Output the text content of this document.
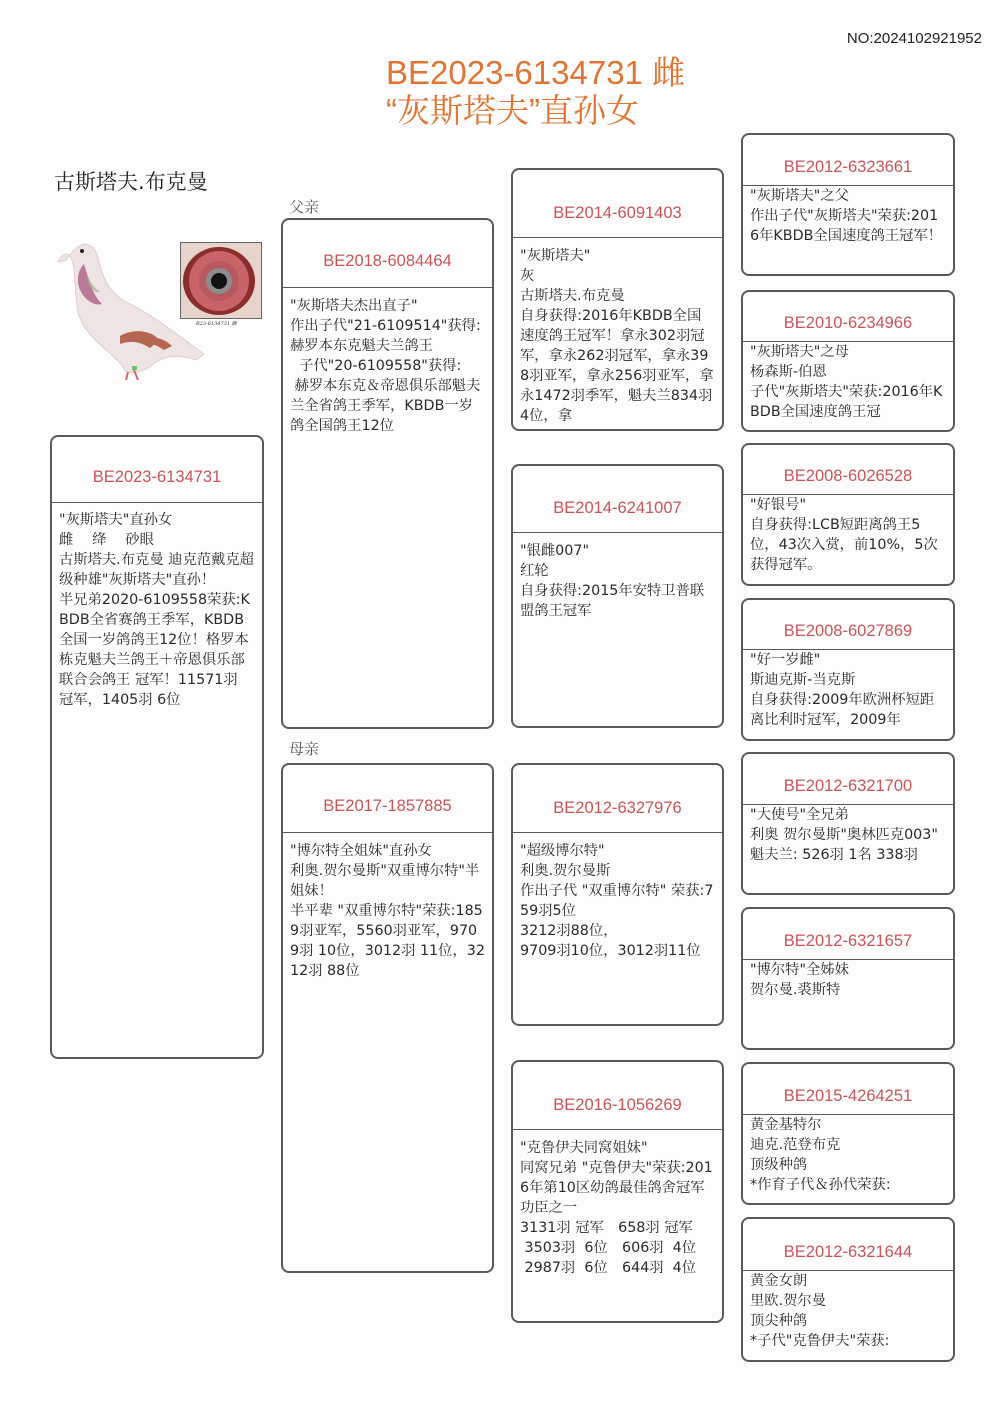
NO:2024102921952
BE2023-6134731 雌
“灰斯塔夫”直孙女
古斯塔夫.布克曼
B23-6134731 雌
父亲
母亲
BE2023-6134731
"灰斯塔夫"直孙女
雌　 绛　 砂眼
古斯塔夫.布克曼 迪克范戴克超级种雄"灰斯塔夫"直孙！
半兄弟2020-6109558荣获:KBDB全省赛鸽王季军，KBDB全国一岁鸽鸽王12位！格罗本栋克魁夫兰鸽王＋帝恩俱乐部联合会鸽王 冠军！11571羽 冠军，1405羽 6位
BE2018-6084464
"灰斯塔夫杰出直子"
作出子代"21-6109514"获得: 赫罗本东克魁夫兰鸽王
子代"20-6109558"获得:
赫罗本东克＆帝恩俱乐部魁夫兰全省鸽王季军，KBDB一岁鸽全国鸽王12位
BE2017-1857885
"博尔特全姐妹"直孙女
利奥.贺尔曼斯"双重博尔特"半姐妹！
半平辈 "双重博尔特"荣获:1859羽亚军，5560羽亚军，9709羽 10位，3012羽 11位，3212羽 88位
BE2014-6091403
"灰斯塔夫"
灰
古斯塔夫.布克曼
自身获得:2016年KBDB全国速度鸽王冠军！拿永302羽冠军，拿永262羽冠军，拿永398羽亚军，拿永256羽亚军，拿永1472羽季军，魁夫兰834羽4位，拿
BE2014-6241007
"银雌007"
红轮
自身获得:2015年安特卫普联盟鸽王冠军
BE2012-6327976
"超级博尔特"
利奥.贺尔曼斯
作出子代 "双重博尔特" 荣获:759羽5位
3212羽88位，
9709羽10位，3012羽11位
BE2016-1056269
"克鲁伊夫同窝姐妹"
同窝兄弟 "克鲁伊夫"荣获:2016年第10区幼鸽最佳鸽舍冠军功臣之一
3131羽 冠军　658羽 冠军
3503羽  6位　606羽  4位
2987羽  6位　644羽  4位
BE2012-6323661
"灰斯塔夫"之父
作出子代"灰斯塔夫"荣获:2016年KBDB全国速度鸽王冠军！
BE2010-6234966
"灰斯塔夫"之母
杨森斯-伯恩
子代"灰斯塔夫"荣获:2016年KBDB全国速度鸽王冠
BE2008-6026528
"好银号"
自身获得:LCB短距离鸽王5位，43次入赏，前10%，5次获得冠军。
BE2008-6027869
"好一岁雌"
斯迪克斯-当克斯
自身获得:2009年欧洲杯短距离比利时冠军，2009年
BE2012-6321700
"大使号"全兄弟
利奥 贺尔曼斯"奥林匹克003"
魁夫兰: 526羽 1名 338羽
BE2012-6321657
"博尔特"全姊妹
贺尔曼.裘斯特
BE2015-4264251
黄金基特尔
迪克.范登布克
顶级种鸽
*作育子代＆孙代荣获:
BE2012-6321644
黄金女朗
里欧.贺尔曼
顶尖种鸽
*子代"克鲁伊夫"荣获:
